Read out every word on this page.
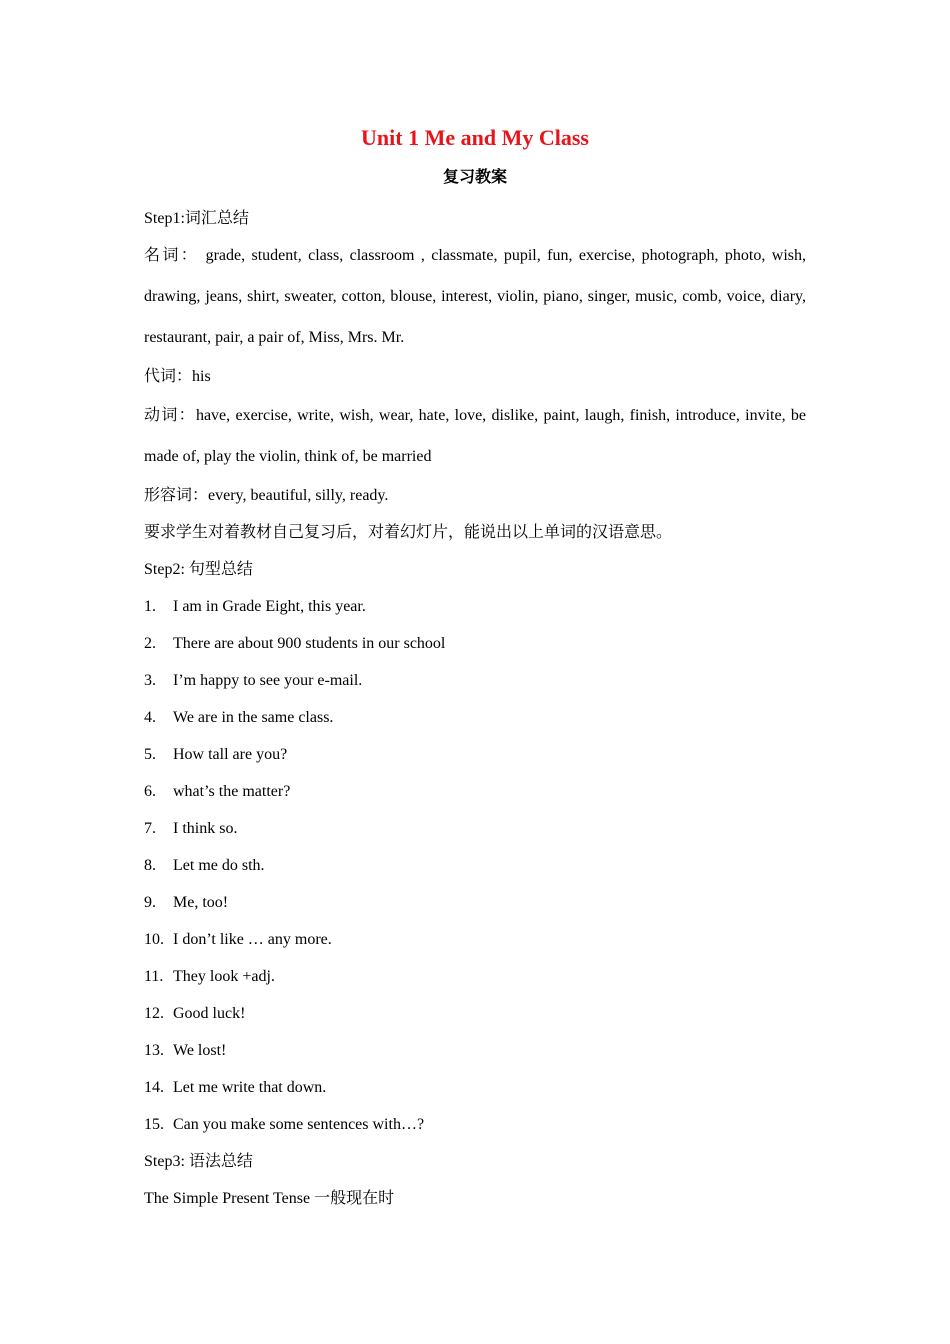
Unit 1 Me and My Class
复习教案

Step1:词汇总结

名词： grade, student, class, classroom , classmate, pupil, fun, exercise, photograph, photo, wish, drawing, jeans, shirt, sweater, cotton, blouse, interest, violin, piano, singer, music, comb, voice, diary, restaurant, pair, a pair of, Miss, Mrs. Mr.

代词：his

动词：have, exercise, write, wish, wear, hate, love, dislike, paint, laugh, finish, introduce, invite, be made of, play the violin, think of, be married

形容词：every, beautiful, silly, ready.

要求学生对着教材自己复习后，对着幻灯片，能说出以上单词的汉语意思。

Step2: 句型总结

1. I am in Grade Eight, this year.

2. There are about 900 students in our school

3. I’m happy to see your e-mail.

4. We are in the same class.

5. How tall are you?

6. what’s the matter?

7. I think so.

8. Let me do sth.

9. Me, too!

10. I don’t like … any more.

11. They look +adj.

12. Good luck!

13. We lost!

14. Let me write that down.

15. Can you make some sentences with…?

Step3: 语法总结

The Simple Present Tense 一般现在时
